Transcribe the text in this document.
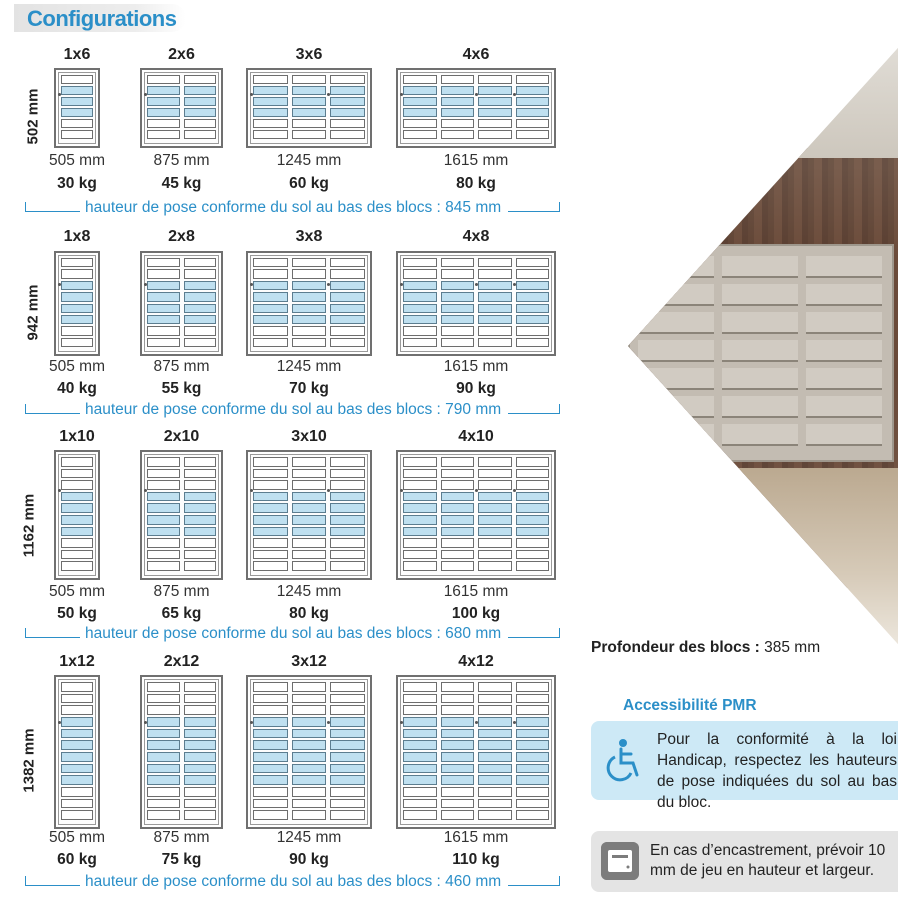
Configurations
502 mm
1x6
505 mm
30 kg
2x6
875 mm
45 kg
3x6
1245 mm
60 kg
4x6
1615 mm
80 kg
hauteur de pose conforme du sol au bas des blocs : 845 mm
942 mm
1x8
505 mm
40 kg
2x8
875 mm
55 kg
3x8
1245 mm
70 kg
4x8
1615 mm
90 kg
hauteur de pose conforme du sol au bas des blocs : 790 mm
1162 mm
1x10
505 mm
50 kg
2x10
875 mm
65 kg
3x10
1245 mm
80 kg
4x10
1615 mm
100 kg
hauteur de pose conforme du sol au bas des blocs : 680 mm
1382 mm
1x12
505 mm
60 kg
2x12
875 mm
75 kg
3x12
1245 mm
90 kg
4x12
1615 mm
110 kg
hauteur de pose conforme du sol au bas des blocs : 460 mm
Profondeur des blocs : 385 mm
Accessibilité PMR
Pour la conformité à la loi Handicap, respectez les hauteurs de pose indiquées du sol au bas du bloc.
En cas d’encastrement, prévoir 10 mm de jeu en hauteur et largeur.
